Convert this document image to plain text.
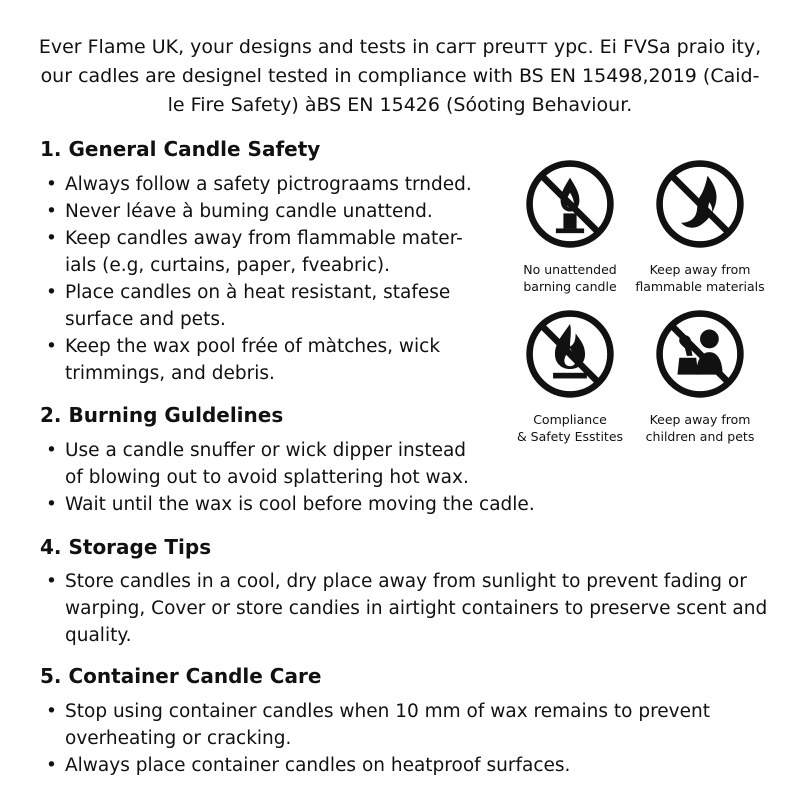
Ever Flame UK, your designs and tests in carт preuтт урс. Ei FVSa praio ity,
our cadles are designel tested in compliance with BS EN 15498,2019 (Caid-
le Fire Safety) àBS EN 15426 (Sóoting Behaviour.
1. General Candle Safety
• Always follow a safety pictrograams trnded.
• Never léave à buming candle unattend.
• Keep candles away from flammable mater-
ials (e.g, curtains, paper, fveabric).
• Place candles on à heat resistant, stafese
surface and pets.
• Keep the wax pool frée of màtches, wick
trimmings, and debris.
2. Burning Guldelines
• Use a candle snuffer or wick dipper instead
of blowing out to avoid splattering hot wax.
• Wait until the wax is cool before moving the cadle.
4. Storage Tips
• Store candles in a cool, dry place away from sunlight to prevent fading or
warping, Cover or store candies in airtight containers to preserve scent and
quality.
5. Container Candle Care
• Stop using container candles when 10 mm of wax remains to prevent
overheating or cracking.
• Always place container candles on heatproof surfaces.
No unattended
barning candle
Keep away from
flammable materials
Compliance
& Safety Esstites
Keep away from
children and pets
